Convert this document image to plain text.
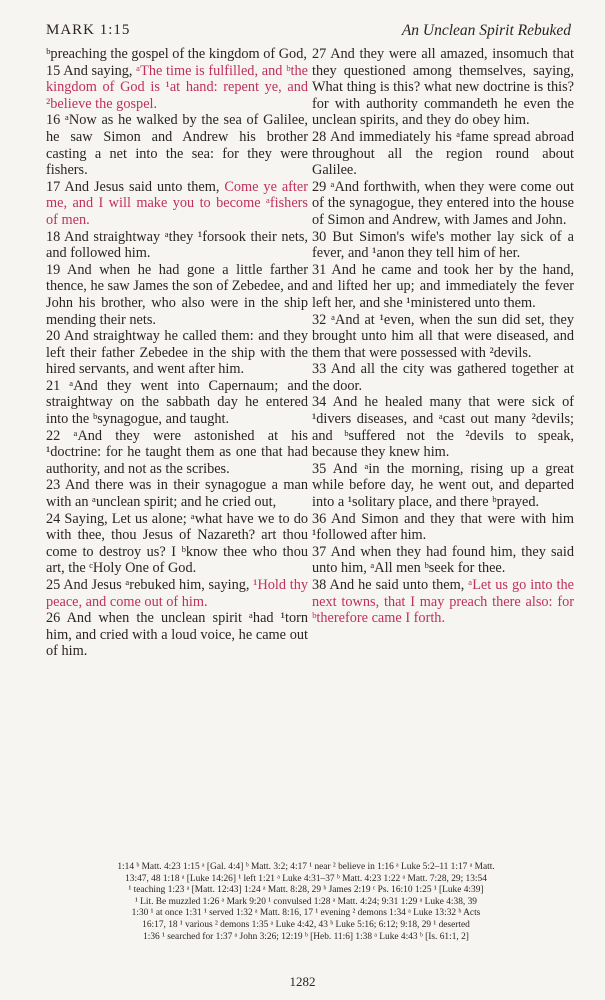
MARK 1:15	An Unclean Spirit Rebuked

ᵇpreaching the gospel of the kingdom of God,

15 And saying, ᵃThe time is fulfilled, and ᵇthe kingdom of God is ¹at hand: repent ye, and ²believe the gospel.

16 ᵃNow as he walked by the sea of Galilee, he saw Simon and Andrew his brother casting a net into the sea: for they were fishers.

17 And Jesus said unto them, Come ye after me, and I will make you to become ᵃfishers of men.

18 And straightway ᵃthey ¹forsook their nets, and followed him.

19 And when he had gone a little farther thence, he saw James the son of Zebedee, and John his brother, who also were in the ship mending their nets.

20 And straightway he called them: and they left their father Zebedee in the ship with the hired servants, and went after him.

21 ᵃAnd they went into Capernaum; and straightway on the sabbath day he entered into the ᵇsynagogue, and taught.

22 ᵃAnd they were astonished at his ¹doctrine: for he taught them as one that had authority, and not as the scribes.

23 And there was in their synagogue a man with an ᵃunclean spirit; and he cried out,

24 Saying, Let us alone; ᵃwhat have we to do with thee, thou Jesus of Nazareth? art thou come to destroy us? I ᵇknow thee who thou art, the ᶜHoly One of God.

25 And Jesus ᵃrebuked him, saying, ¹Hold thy peace, and come out of him.

26 And when the unclean spirit ᵃhad ¹torn him, and cried with a loud voice, he came out of him.

27 And they were all amazed, insomuch that they questioned among themselves, saying, What thing is this? what new doctrine is this? for with authority commandeth he even the unclean spirits, and they do obey him.

28 And immediately his ᵃfame spread abroad throughout all the region round about Galilee.

29 ᵃAnd forthwith, when they were come out of the synagogue, they entered into the house of Simon and Andrew, with James and John.

30 But Simon's wife's mother lay sick of a fever, and ¹anon they tell him of her.

31 And he came and took her by the hand, and lifted her up; and immediately the fever left her, and she ¹ministered unto them.

32 ᵃAnd at ¹even, when the sun did set, they brought unto him all that were diseased, and them that were possessed with ²devils.

33 And all the city was gathered together at the door.

34 And he healed many that were sick of ¹divers diseases, and ᵃcast out many ²devils; and ᵇsuffered not the ²devils to speak, because they knew him.

35 And ᵃin the morning, rising up a great while before day, he went out, and departed into a ¹solitary place, and there ᵇprayed.

36 And Simon and they that were with him ¹followed after him.

37 And when they had found him, they said unto him, ᵃAll men ᵇseek for thee.

38 And he said unto them, ᵃLet us go into the next towns, that I may preach there also: for ᵇtherefore came I forth.

1:14 ᵇ Matt. 4:23 1:15 ᵃ [Gal. 4:4] ᵇ Matt. 3:2; 4:17 ¹ near ² believe in 1:16 ᵃ Luke 5:2–11 1:17 ᵃ Matt.
13:47, 48 1:18 ᵃ [Luke 14:26] ¹ left 1:21 ᵃ Luke 4:31–37 ᵇ Matt. 4:23 1:22 ᵃ Matt. 7:28, 29; 13:54
¹ teaching 1:23 ᵃ [Matt. 12:43] 1:24 ᵃ Matt. 8:28, 29 ᵇ James 2:19 ᶜ Ps. 16:10 1:25 ¹ [Luke 4:39]
¹ Lit. Be muzzled 1:26 ᵃ Mark 9:20 ¹ convulsed 1:28 ᵃ Matt. 4:24; 9:31 1:29 ᵃ Luke 4:38, 39
1:30 ¹ at once 1:31 ¹ served 1:32 ᵃ Matt. 8:16, 17 ¹ evening ² demons 1:34 ᵃ Luke 13:32 ᵇ Acts
16:17, 18 ¹ various ² demons 1:35 ᵃ Luke 4:42, 43 ᵇ Luke 5:16; 6:12; 9:18, 29 ¹ deserted
1:36 ¹ searched for 1:37 ᵃ John 3:26; 12:19 ᵇ [Heb. 11:6] 1:38 ᵃ Luke 4:43 ᵇ [Is. 61:1, 2]
1282
